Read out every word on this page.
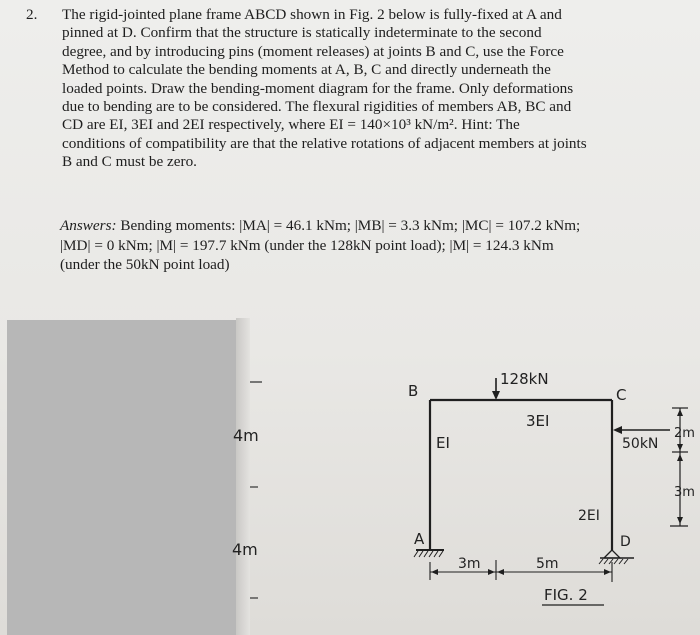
2. The rigid-jointed plane frame ABCD shown in Fig. 2 below is fully-fixed at A and
pinned at D. Confirm that the structure is statically indeterminate to the second
degree, and by introducing pins (moment releases) at joints B and C, use the Force
Method to calculate the bending moments at A, B, C and directly underneath the
loaded points. Draw the bending-moment diagram for the frame. Only deformations
due to bending are to be considered. The flexural rigidities of members AB, BC and
CD are EI, 3EI and 2EI respectively, where EI = 140×10³ kN/m². Hint: The
conditions of compatibility are that the relative rotations of adjacent members at joints
B and C must be zero.
Answers: Bending moments: |MA| = 46.1 kNm; |MB| = 3.3 kNm; |MC| = 107.2 kNm;
|MD| = 0 kNm; |M| = 197.7 kNm (under the 128kN point load); |M| = 124.3 kNm
(under the 50kN point load)
4m
4m
B	C
A	D
128kN
50kN
EI
3EI
2EI
3m	5m
2m
3m
FIG. 2
